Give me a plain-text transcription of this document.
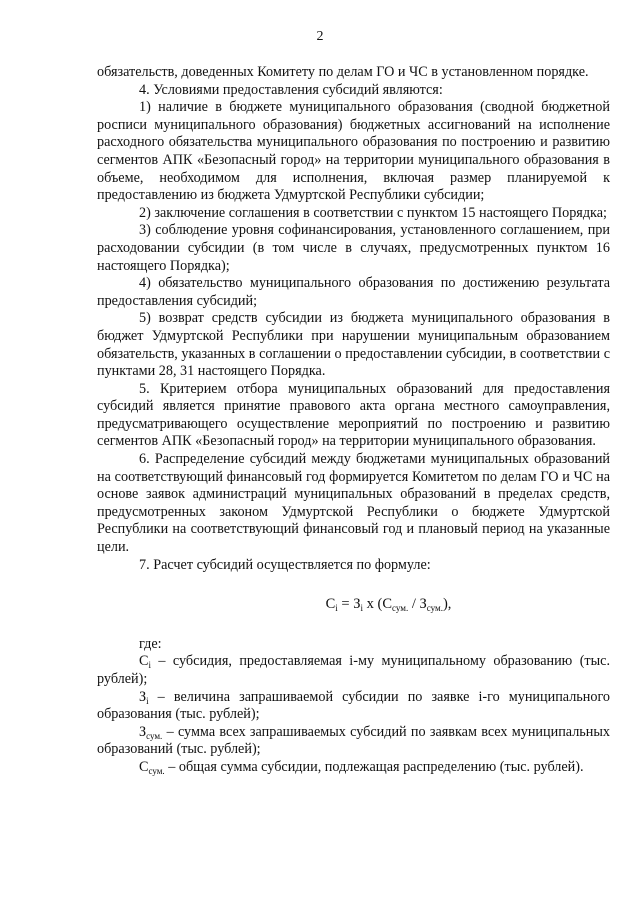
2

обязательств, доведенных Комитету по делам ГО и ЧС в установленном порядке.

4. Условиями предоставления субсидий являются:

1) наличие в бюджете муниципального образования (сводной бюджетной росписи муниципального образования) бюджетных ассигнований на исполнение расходного обязательства муниципального образования по построению и развитию сегментов АПК «Безопасный город» на территории муниципального образования в объеме, необходимом для исполнения, включая размер планируемой к предоставлению из бюджета Удмуртской Республики субсидии;

2) заключение соглашения в соответствии с пунктом 15 настоящего Порядка;

3) соблюдение уровня софинансирования, установленного соглашением, при расходовании субсидии (в том числе в случаях, предусмотренных пунктом 16 настоящего Порядка);

4) обязательство муниципального образования по достижению результата предоставления субсидий;

5) возврат средств субсидии из бюджета муниципального образования в бюджет Удмуртской Республики при нарушении муниципальным образованием обязательств, указанных в соглашении о предоставлении субсидии, в соответствии с пунктами 28, 31 настоящего Порядка.

5. Критерием отбора муниципальных образований для предоставления субсидий является принятие правового акта органа местного самоуправления, предусматривающего осуществление мероприятий по построению и развитию сегментов АПК «Безопасный город» на территории муниципального образования.

6. Распределение субсидий между бюджетами муниципальных образований на соответствующий финансовый год формируется Комитетом по делам ГО и ЧС на основе заявок администраций муниципальных образований в пределах средств, предусмотренных законом Удмуртской Республики о бюджете Удмуртской Республики на соответствующий финансовый год и плановый период на указанные цели.

7. Расчет субсидий осуществляется по формуле:

$С_i = З_i$ x $(С_{сум.} / З_{сум.})$,

где:

$С_i$ – субсидия, предоставляемая i-му муниципальному образованию (тыс. рублей);

$З_i$ – величина запрашиваемой субсидии по заявке i-го муниципального образования (тыс. рублей);

$З_{сум.}$ – сумма всех запрашиваемых субсидий по заявкам всех муниципальных образований (тыс. рублей);

$С_{сум.}$ – общая сумма субсидии, подлежащая распределению (тыс. рублей).
